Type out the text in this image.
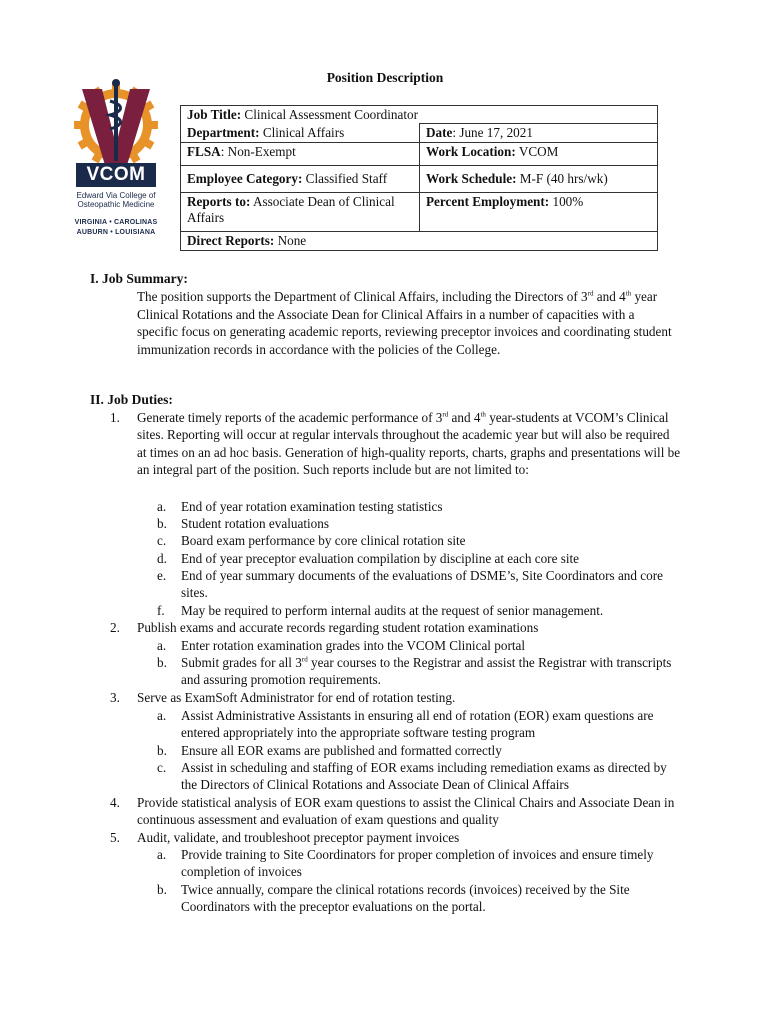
Position Description
VCOM
Edward Via College of
Osteopathic Medicine
VIRGINIA • CAROLINAS
AUBURN • LOUISIANA
Job Title: Clinical Assessment Coordinator	
Department: Clinical Affairs	Date: June 17, 2021
FLSA: Non-Exempt	Work Location: VCOM
Employee Category: Classified Staff	Work Schedule: M-F (40 hrs/wk)
Reports to: Associate Dean of Clinical Affairs	Percent Employment: 100%
Direct Reports: None	
I. Job Summary:
The position supports the Department of Clinical Affairs, including the Directors of 3rd and 4th year Clinical Rotations and the Associate Dean for Clinical Affairs in a number of capacities with a specific focus on generating academic reports, reviewing preceptor invoices and coordinating student immunization records in accordance with the policies of the College.
II. Job Duties:
1. Generate timely reports of the academic performance of 3rd and 4th year-students at VCOM’s Clinical sites. Reporting will occur at regular intervals throughout the academic year but will also be required at times on an ad hoc basis. Generation of high-quality reports, charts, graphs and presentations will be an integral part of the position. Such reports include but are not limited to:
a. End of year rotation examination testing statistics
b. Student rotation evaluations
c. Board exam performance by core clinical rotation site
d. End of year preceptor evaluation compilation by discipline at each core site
e. End of year summary documents of the evaluations of DSME’s, Site Coordinators and core sites.
f. May be required to perform internal audits at the request of senior management.
2. Publish exams and accurate records regarding student rotation examinations
a. Enter rotation examination grades into the VCOM Clinical portal
b. Submit grades for all 3rd year courses to the Registrar and assist the Registrar with transcripts and assuring promotion requirements.
3. Serve as ExamSoft Administrator for end of rotation testing.
a. Assist Administrative Assistants in ensuring all end of rotation (EOR) exam questions are entered appropriately into the appropriate software testing program
b. Ensure all EOR exams are published and formatted correctly
c. Assist in scheduling and staffing of EOR exams including remediation exams as directed by the Directors of Clinical Rotations and Associate Dean of Clinical Affairs
4. Provide statistical analysis of EOR exam questions to assist the Clinical Chairs and Associate Dean in continuous assessment and evaluation of exam questions and quality
5. Audit, validate, and troubleshoot preceptor payment invoices
a. Provide training to Site Coordinators for proper completion of invoices and ensure timely completion of invoices
b. Twice annually, compare the clinical rotations records (invoices) received by the Site Coordinators with the preceptor evaluations on the portal.
